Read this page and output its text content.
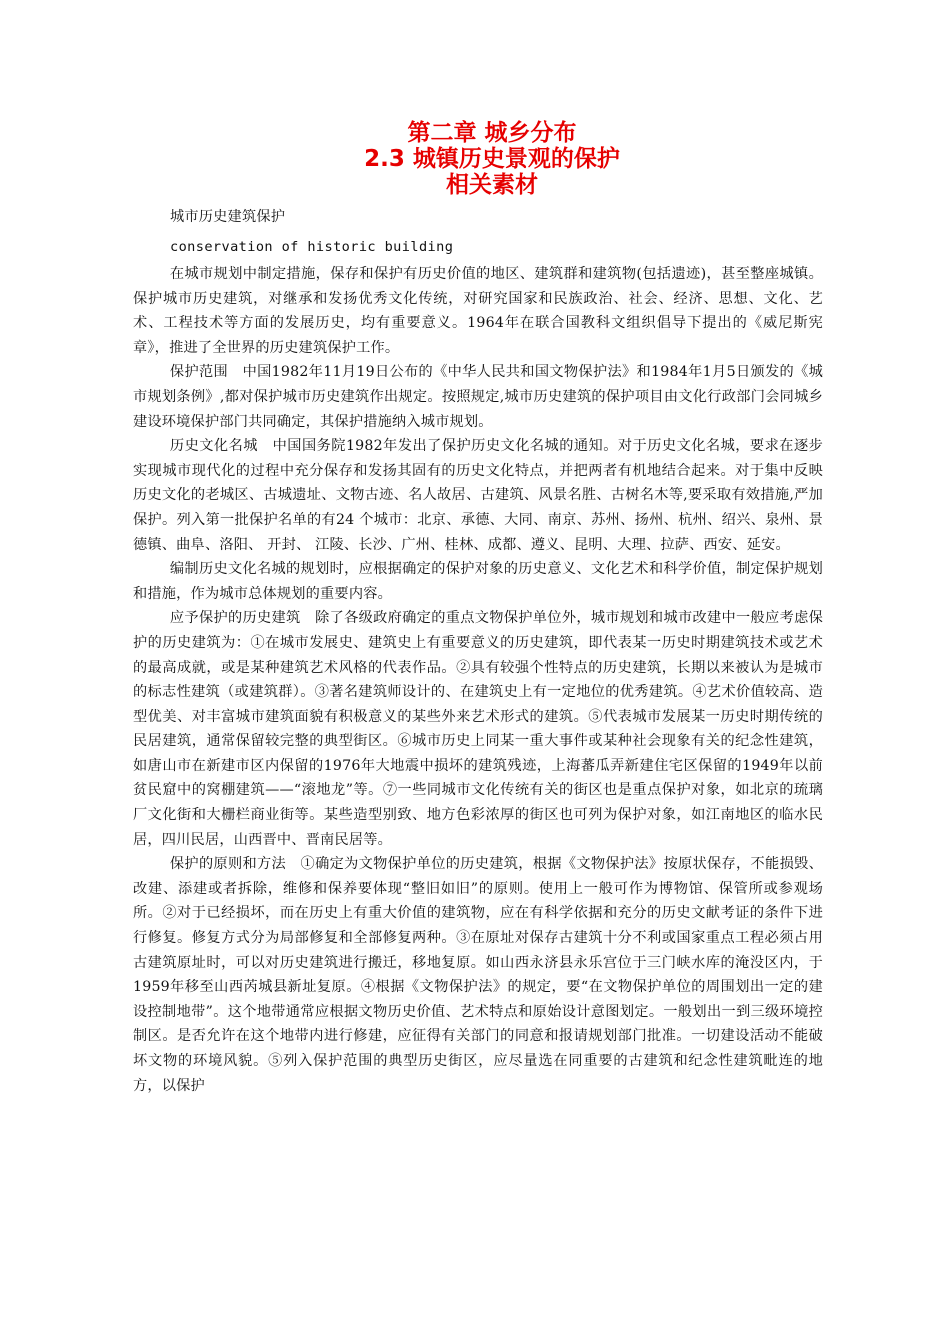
第二章 城乡分布

2.3 城镇历史景观的保护

相关素材

城市历史建筑保护

conservation of historic building

在城市规划中制定措施，保存和保护有历史价值的地区、建筑群和建筑物(包括遗迹)，甚至整座城镇。保护城市历史建筑，对继承和发扬优秀文化传统，对研究国家和民族政治、社会、经济、思想、文化、艺术、工程技术等方面的发展历史，均有重要意义。1964年在联合国教科文组织倡导下提出的《威尼斯宪章》，推进了全世界的历史建筑保护工作。

保护范围　中国1982年11月19日公布的《中华人民共和国文物保护法》和1984年1月5日颁发的《城市规划条例》,都对保护城市历史建筑作出规定。按照规定,城市历史建筑的保护项目由文化行政部门会同城乡建设环境保护部门共同确定，其保护措施纳入城市规划。

历史文化名城　中国国务院1982年发出了保护历史文化名城的通知。对于历史文化名城，要求在逐步实现城市现代化的过程中充分保存和发扬其固有的历史文化特点，并把两者有机地结合起来。对于集中反映历史文化的老城区、古城遗址、文物古迹、名人故居、古建筑、风景名胜、古树名木等,要采取有效措施,严加保护。列入第一批保护名单的有24 个城市：北京、承德、大同、南京、苏州、扬州、杭州、绍兴、泉州、景德镇、曲阜、洛阳、 开封、 江陵、长沙、广州、桂林、成都、遵义、昆明、大理、拉萨、西安、延安。

编制历史文化名城的规划时，应根据确定的保护对象的历史意义、文化艺术和科学价值，制定保护规划和措施，作为城市总体规划的重要内容。

应予保护的历史建筑　除了各级政府确定的重点文物保护单位外，城市规划和城市改建中一般应考虑保护的历史建筑为：①在城市发展史、建筑史上有重要意义的历史建筑，即代表某一历史时期建筑技术或艺术的最高成就，或是某种建筑艺术风格的代表作品。②具有较强个性特点的历史建筑，长期以来被认为是城市的标志性建筑（或建筑群）。③著名建筑师设计的、在建筑史上有一定地位的优秀建筑。④艺术价值较高、造型优美、对丰富城市建筑面貌有积极意义的某些外来艺术形式的建筑。⑤代表城市发展某一历史时期传统的民居建筑，通常保留较完整的典型街区。⑥城市历史上同某一重大事件或某种社会现象有关的纪念性建筑，如唐山市在新建市区内保留的1976年大地震中损坏的建筑残迹，上海蕃瓜弄新建住宅区保留的1949年以前贫民窟中的窝棚建筑——“滚地龙”等。⑦一些同城市文化传统有关的街区也是重点保护对象，如北京的琉璃厂文化街和大栅栏商业街等。某些造型别致、地方色彩浓厚的街区也可列为保护对象，如江南地区的临水民居，四川民居，山西晋中、晋南民居等。

保护的原则和方法　①确定为文物保护单位的历史建筑，根据《文物保护法》按原状保存，不能损毁、改建、添建或者拆除，维修和保养要体现“整旧如旧”的原则。使用上一般可作为博物馆、保管所或参观场所。②对于已经损坏，而在历史上有重大价值的建筑物，应在有科学依据和充分的历史文献考证的条件下进行修复。修复方式分为局部修复和全部修复两种。③在原址对保存古建筑十分不利或国家重点工程必须占用古建筑原址时，可以对历史建筑进行搬迁，移地复原。如山西永济县永乐宫位于三门峡水库的淹没区内，于1959年移至山西芮城县新址复原。④根据《文物保护法》的规定，要“在文物保护单位的周围划出一定的建设控制地带”。这个地带通常应根据文物历史价值、艺术特点和原始设计意图划定。一般划出一到三级环境控制区。是否允许在这个地带内进行修建，应征得有关部门的同意和报请规划部门批准。一切建设活动不能破坏文物的环境风貌。⑤列入保护范围的典型历史街区，应尽量选在同重要的古建筑和纪念性建筑毗连的地方，以保护
